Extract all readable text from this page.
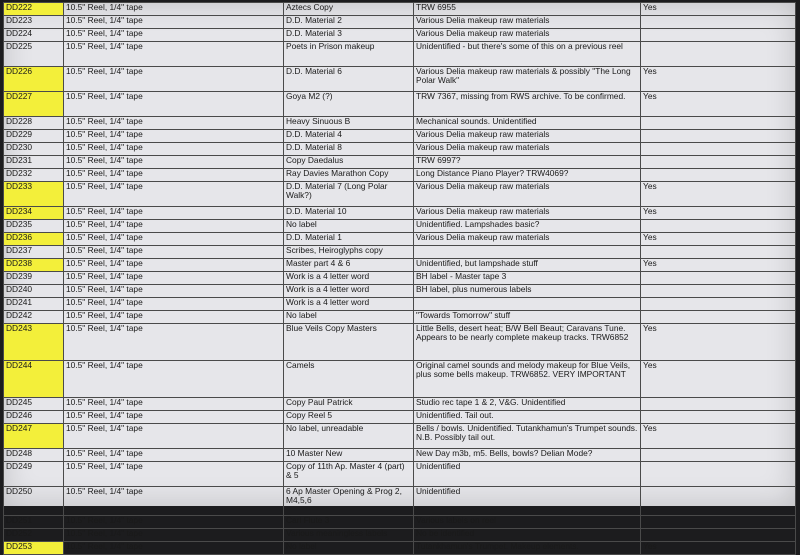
DD222	10.5" Reel, 1/4" tape	Aztecs Copy	TRW 6955	Yes
DD223	10.5" Reel, 1/4" tape	D.D. Material 2	Various Delia makeup raw materials	
DD224	10.5" Reel, 1/4" tape	D.D. Material 3	Various Delia makeup raw materials	
DD225	10.5" Reel, 1/4" tape	Poets in Prison makeup	Unidentified - but there's some of this on a previous reel	
DD226	10.5" Reel, 1/4" tape	D.D. Material 6	Various Delia makeup raw materials & possibly "The Long Polar Walk"	Yes
DD227	10.5" Reel, 1/4" tape	Goya M2 (?)	TRW 7367, missing from RWS archive. To be confirmed.	Yes
DD228	10.5" Reel, 1/4" tape	Heavy Sinuous B	Mechanical sounds. Unidentified	
DD229	10.5" Reel, 1/4" tape	D.D. Material 4	Various Delia makeup raw materials	
DD230	10.5" Reel, 1/4" tape	D.D. Material 8	Various Delia makeup raw materials	
DD231	10.5" Reel, 1/4" tape	Copy Daedalus	TRW 6997?	
DD232	10.5" Reel, 1/4" tape	Ray Davies Marathon Copy	Long Distance Piano Player? TRW4069?	
DD233	10.5" Reel, 1/4" tape	D.D. Material 7 (Long Polar Walk?)	Various Delia makeup raw materials	Yes
DD234	10.5" Reel, 1/4" tape	D.D. Material 10	Various Delia makeup raw materials	Yes
DD235	10.5" Reel, 1/4" tape	No label	Unidentified. Lampshades basic?	
DD236	10.5" Reel, 1/4" tape	D.D. Material 1	Various Delia makeup raw materials	Yes
DD237	10.5" Reel, 1/4" tape	Scribes, Heiroglyphs copy		
DD238	10.5" Reel, 1/4" tape	Master part 4 & 6	Unidentified, but lampshade stuff	Yes
DD239	10.5" Reel, 1/4" tape	Work is a 4 letter word	BH label - Master tape 3	
DD240	10.5" Reel, 1/4" tape	Work is a 4 letter word	BH label, plus numerous labels	
DD241	10.5" Reel, 1/4" tape	Work is a 4 letter word		
DD242	10.5" Reel, 1/4" tape	No label	"Towards Tomorrow" stuff	
DD243	10.5" Reel, 1/4" tape	Blue Veils Copy Masters	Little Bells, desert heat; B/W Bell Beaut; Caravans Tune. Appears to be nearly complete makeup tracks. TRW6852	Yes
DD244	10.5" Reel, 1/4" tape	Camels	Original camel sounds and melody makeup for Blue Veils, plus some bells makeup. TRW6852. VERY IMPORTANT	Yes
DD245	10.5" Reel, 1/4" tape	Copy Paul Patrick	Studio rec tape 1 & 2, V&G. Unidentified	
DD246	10.5" Reel, 1/4" tape	Copy Reel 5	Unidentified. Tail out.	
DD247	10.5" Reel, 1/4" tape	No label, unreadable	Bells / bowls. Unidentified. Tutankhamun's Trumpet sounds. N.B. Possibly tail out.	Yes
DD248	10.5" Reel, 1/4" tape	10 Master New	New Day m3b, m5. Bells, bowls? Delian Mode?	
DD249	10.5" Reel, 1/4" tape	Copy of 11th Ap. Master 4 (part) & 5	Unidentified	
DD250	10.5" Reel, 1/4" tape	6 Ap Master Opening & Prog 2, M4,5,6	Unidentified	
DD251	10.5" Reel, 1/4" tape	Carl Flute 3	Various labels on reel	
DD252	10.5" Reel, 1/4" tape	Various meaningless labels	No be identified	
DD253	10.5" Reel, 1/4" tape	No label	Tutankhamun's Trumpet. Makeup elements.	Yes
